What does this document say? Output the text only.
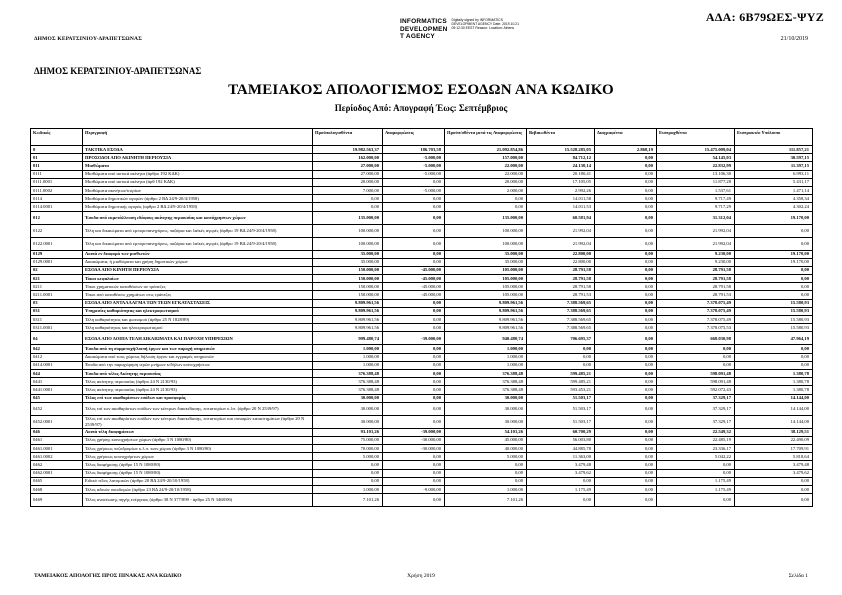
ΑΔΑ: 6Β79ΩΕΣ-ΨΥΖ
ΔΗΜΟΣ ΚΕΡΑΤΣΙΝΙΟΥ-ΔΡΑΠΕΤΣΩΝΑΣ	21/10/2019
INFORMATICS
DEVELOPMEN
T AGENCY
Digitally signed by INFORMATICS DEVELOPMENT AGENCY Date: 2019.10.21 09:12:30 EEST Reason: Location: Athens
ΔΗΜΟΣ ΚΕΡΑΤΣΙΝΙΟΥ-ΔΡΑΠΕΤΣΩΝΑΣ
ΤΑΜΕΙΑΚΟΣ ΑΠΟΛΟΓΙΣΜΟΣ ΕΣΟΔΩΝ ΑΝΑ ΚΩΔΙΚΟ
Περίοδος Από: Απογραφή Έως: Σεπτέμβριος
Κωδικός	Περιγραφή	Προϋπολογισθέντα	Αναμορφώσεις	Προϋπ/σθέντα μετά τις Αναμορφώσεις	Βεβαιωθέντα	Διαγραφέντα	Εισπραχθέντα	Εισπρακτέο Υπόλοιπο
0	ΤΑΚΤΙΚΑ ΕΣΟΔΑ	19.982.563,37	186.703,58	21.092.854,86	15.528.285,05	2.868,19	15.475.009,04	111.857,21
01	ΠΡΟΣΟΔΟΙ ΑΠΟ ΑΚΙΝΗΤΗ ΠΕΡΙΟΥΣΙΑ	162.000,00	-5.000,00	157.000,00	84.712,12	0,00	54.145,03	30.597,15
011	Μισθώματα	27.000,00	-5.000,00	22.000,00	24.130,14	0,00	22.832,99	11.397,15
0111	Μισθώματα από αστικά ακίνητα (άρθρο 192 ΚΔΚ)	27.000,00	-5.000,00	22.000,00	20.180,41	0,00	13.106,30	6.993,11
0111.0001	Μισθώματα από αστικά ακίνητα (άρθ 192 ΚΔΚ)	20.000,00	0,00	20.000,00	17.105,05	0,00	11.877,28	5.431,17
0111.0002	Μισθώματα ακινήτων/κτιρίων	7.000,00	-5.000,00	2.000,00	2.992,26	0,00	1.537,61	1.471,14
0114	Μισθώματα δημοτικών αγορών (άρθρο 2 ΒΔ 24/9-20/4/1958)	0,00	0,00	0,00	14.011,58	0,00	9.717,49	4.358,34
0114.0001	Μισθώματα δημοτικής αγοράς (αρθρο 2 ΒΔ 24/9-20/4/1958)	0,00	0,00	0,00	14.011,53	0,00	9.717,29	4.302,24
012	Έσοδα από εκμετάλλευση εδάφους ακίνητης περιουσίας και κοινόχρηστων χώρων	135.000,00	0,00	135.000,00	60.581,94	0,00	31.312,04	19.170,00
0122	Τέλη και δικαιώματα από εμποροπανηγύρεις, παζάρια και λαϊκές αγορές (άρθρο 19 ΒΔ 24/9-20/4/1958)	100.000,00	0,00	100.000,00	21.992,04	0,00	21.992,04	0,00
0122.0001	Τέλη και δικαιώματα από εμποροπανηγύρεις, παζάρια και λαϊκές αγορές (άρθρο 19 ΒΔ 24/9-20/4/1958)	100.000,00	0,00	100.000,00	21.992,04	0,00	21.992,04	0,00
0129	Λοιπά εν διαφορά των μισθωτών	35.000,00	0,00	35.000,00	22.800,00	0,00	9.230,00	19.170,00
0129.0001	Δικαιώματα, ή μισθώματα και χρήση δημοτικών χώρων	35.000,00	0,00	35.000,00	22.800,00	0,00	9.230,00	19.170,00
02	ΕΣΟΔΑ ΑΠΟ ΚΙΝΗΤΗ ΠΕΡΙΟΥΣΙΑ	150.000,00	-45.000,00	105.000,00	28.791,58	0,00	28.791,58	0,00
021	Τόκοι κεφαλαίων	150.000,00	-45.000,00	105.000,00	28.791,58	0,00	28.791,58	0,00
0211	Τόκοι χρηματικών καταθέσεων σε τράπεζες	150.000,00	-45.000,00	105.000,00	28.791,58	0,00	28.791,58	0,00
0211.0001	Τόκοι από καταθέσεις χρημάτων στις τράπεζες	150.000,00	-45.000,00	105.000,00	28.791,53	0,00	28.791,53	0,00
03	ΕΣΟΔΑ ΑΠΟ ΑΝΤΑΛΛΑΓΜΑ ΤΩΝ ΤΕΩΝ ΕΓΚΑΤΑΣΤΑΣΕΙΣ	9.809.961,56	0,00	9.809.961,56	7.388.569,65	0,00	7.378.075,49	15.580,93
031	Υπηρεσίες καθαριότητας και ηλεκτροφωτισμού	9.809.961,56	0,00	9.809.961,56	7.388.569,65	0,00	7.378.075,49	15.580,93
0311	Τέλη καθαριότητας και φωτισμού (άρθρο 25 Ν 1828/89)	9.809.961,56	0,00	9.809.961,56	7.388.569,65	0,00	7.378.075,49	15.580,93
0311.0001	Τέλη καθαριότητας και ηλεκτροφωτισμού	9.809.961,56	0,00	9.809.961,56	7.388.569,65	0,00	7.378.075,53	15.580,93
04	ΕΣΟΔΑ ΑΠΟ ΛΟΙΠΑ ΤΕΛΗ ΔΙΚΑΙΩΜΑΤΑ ΚΑΙ ΠΑΡΟΧΗ ΥΠΗΡΕΣΙΩΝ	999.480,74	-39.000,00	940.480,74	706.695,37	0,00	668.030,98	47.964,19
042	Έσοδα από τη συμμετοχή/λοιπή έργων και των παροχή υπηρεσιών	1.000,00	0,00	1.000,00	0,00	0,00	0,00	0,00
0412	Δικαιώματα από τους χώρους δήλωση έργου και εγγραφές υπηρεσιών	1.000,00	0,00	1.000,00	0,00	0,00	0,00	0,00
0414.0001	Έσοδα από την παραχώρηση ιερών μνήμων κ/δήλων κοινοχρήστων	1.000,00	0,00	1.000,00	0,00	0,00	0,00	0,00
044	Έσοδα από τέλος Ακίνητης περιουσίας	376.388,48	0,00	376.388,48	599.485,21	0,00	598.091,48	1.380,78
0441	Τέλος ακίνητης περιουσίας (άρθρο 24 Ν 2130/93)	376.388,48	0,00	376.388,48	599.485,21	0,00	598.091,48	1.380,78
0441.0001	Τέλος ακίνητης περιουσίας (άρθρο 24 Ν 2130/93)	376.388,48	0,00	376.388,48	593.453,21	0,00	592.072,43	1.380,78
045	Τέλος επί των ακαθαρίστων εσόδων και προσφοράς	30.000,00	0,00	30.000,00	51.503,17	0,00	37.329,17	14.144,00
0452	Τέλος επί των ακαθαρίστων εσόδων των κέντρων διασκέδασης, εστιατορίων κ.λπ. (άρθρο 20 Ν 2539/97)	30.000,00	0,00	30.000,00	51.503,17	0,00	37.329,17	14.144,00
0452.0001	Τέλος επί των ακαθαρίστων εσόδων των κέντρων διασκέδασης, εστιατορίων και συναφών καταστημάτων (άρθρο 20 Ν 2539/97)	30.000,00	0,00	30.000,00	51.503,17	0,00	37.329,17	14.144,00
046	Λοιπά τέλη διαφημίσεων	93.101,26	-39.000,00	54.101,26	60.700,29	0,00	22.549,32	38.129,51
0461	Τέλος χρήσης κοινοχρήστων χώρων (άρθρο 3 Ν 1080/80)	75.000,00	-30.000,00	45.000,00	56.003,80	0,00	22.485,19	22.490,09
0461.0001	Τέλος χρήσεως πεζοδρομίων κ.λ.π. κοιν.χώρου (άρθρο 3 Ν 1080/80)	70.000,00	-30.000,00	40.000,00	44.885,78	0,00	23.336,17	17.709,91
0461.0002	Τέλος χρήσεως κοινοχρήστων χώρων	5.000,00	0,00	5.000,00	11.363,00	0,00	5.042,22	5.818,64
0462	Τέλος διαφήμισης (άρθρο 15 Ν 1080/80)	0,00	0,00	0,00	3.479,48	0,00	0,00	3.479,48
0462.0001	Τέλος διαφήμισης (άρθρο 15 Ν 1080/80)	0,00	0,00	0,00	3.479,62	0,00	0,00	3.479,62
0465	Ειδικό τέλος λατομικών (άρθρο 20 ΒΔ 24/9-20/10/1958)	0,00	0,00	0,00	0,00	0,00	1.175,49	0,00
0468	Τέλος αδειών οικοδομών (άρθρο 23 ΒΔ 24/9-20/10/1958)	1.000,00	-9.000,00	1.000,00	1.175,49	0,00	1.175,49	0,00
0469	Τέλος ανανέωσης πηγής ενέργειας (άρθρο 38 Ν 377/899 - άρθρο 25 Ν 3468/06)	7.101,26	0,00	7.101,26	0,00	0,00	0,00	0,00
ΤΑΜΕΙΑΚΟΣ ΑΠΟΛΟΓΗΣ ΠΡΟΣ ΠΙΝΑΚΑΣ ΑΝΑ ΚΩΔΙΚΟ	Χρήση 2019	Σελίδα 1
